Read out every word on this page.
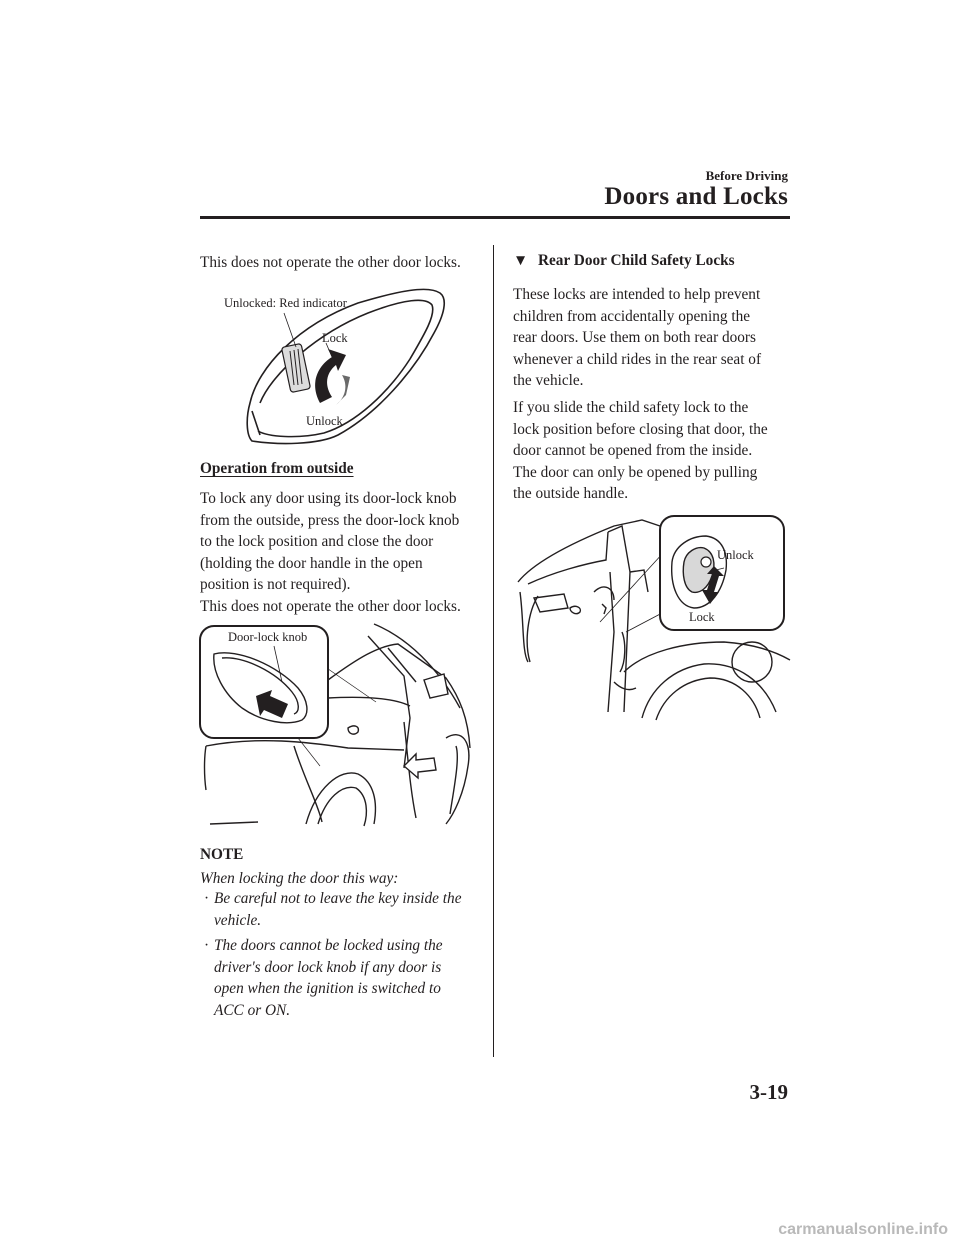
Before Driving
Doors and Locks
This does not operate the other door locks.
Unlocked: Red indicator
Lock
Unlock
Operation from outside
To lock any door using its door-lock knob
from the outside, press the door-lock knob
to the lock position and close the door
(holding the door handle in the open
position is not required).
This does not operate the other door locks.
Door-lock knob
NOTE
When locking the door this way:
· Be careful not to leave the key inside the
vehicle.
· The doors cannot be locked using the
driver's door lock knob if any door is
open when the ignition is switched to
ACC or ON.
▼ Rear Door Child Safety Locks
These locks are intended to help prevent
children from accidentally opening the
rear doors. Use them on both rear doors
whenever a child rides in the rear seat of
the vehicle.
If you slide the child safety lock to the
lock position before closing that door, the
door cannot be opened from the inside.
The door can only be opened by pulling
the outside handle.
Unlock
Lock
3-19
carmanualsonline.info
